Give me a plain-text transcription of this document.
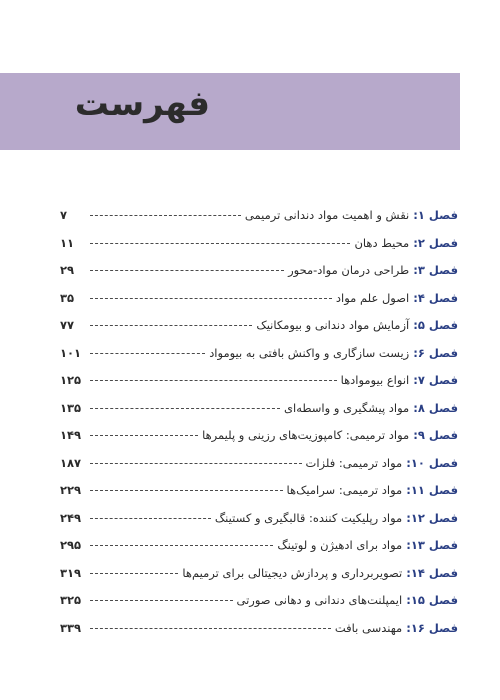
فهرست
فصل ۱:
نقش و اهمیت مواد دندانی ترمیمی
۷
فصل ۲:
محیط دهان
۱۱
فصل ۳:
طراحی درمان مواد-محور
۲۹
فصل ۴:
اصول علم مواد
۳۵
فصل ۵:
آزمایش مواد دندانی و بیومکانیک
۷۷
فصل ۶:
زیست سازگاری و واکنش بافتی به بیومواد
۱۰۱
فصل ۷:
انواع بیومواد‌ها
۱۲۵
فصل ۸:
مواد پیشگیری و واسطه‌ای
۱۳۵
فصل ۹:
مواد ترمیمی: کامپوزیت‌های رزینی و پلیمرها
۱۴۹
فصل ۱۰:
مواد ترمیمی: فلزات
۱۸۷
فصل ۱۱:
مواد ترمیمی: سرامیک‌ها
۲۲۹
فصل ۱۲:
مواد رپلیکیت کننده: قالبگیری و کستینگ
۲۴۹
فصل ۱۳:
مواد برای ادهیژن و لوتینگ
۲۹۵
فصل ۱۴:
تصویربرداری و پردازش دیجیتالی برای ترمیم‌ها
۳۱۹
فصل ۱۵:
ایمپلنت‌های دندانی و دهانی صورتی
۳۲۵
فصل ۱۶:
مهندسی بافت
۳۳۹
